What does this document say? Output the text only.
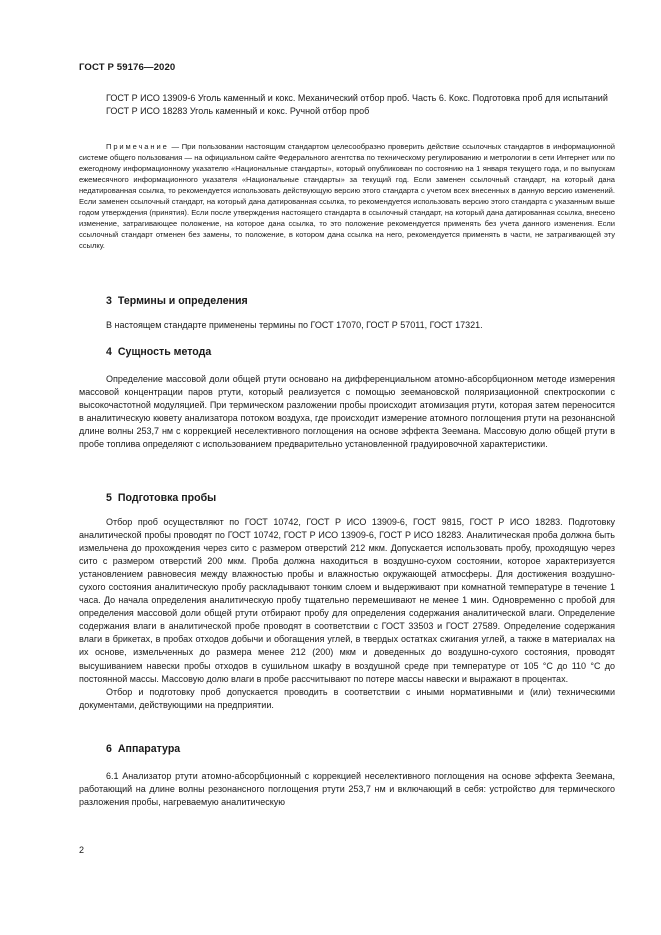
ГОСТ Р 59176—2020

ГОСТ Р ИСО 13909-6 Уголь каменный и кокс. Механический отбор проб. Часть 6. Кокс. Подготовка проб для испытаний

ГОСТ Р ИСО 18283 Уголь каменный и кокс. Ручной отбор проб

Примечание — При пользовании настоящим стандартом целесообразно проверить действие ссылочных стандартов в информационной системе общего пользования — на официальном сайте Федерального агентства по техническому регулированию и метрологии в сети Интернет или по ежегодному информационному указателю «Национальные стандарты», который опубликован по состоянию на 1 января текущего года, и по выпускам ежемесячного информационного указателя «Национальные стандарты» за текущий год. Если заменен ссылочный стандарт, на который дана недатированная ссылка, то рекомендуется использовать действующую версию этого стандарта с учетом всех внесенных в данную версию изменений. Если заменен ссылочный стандарт, на который дана датированная ссылка, то рекомендуется использовать версию этого стандарта с указанным выше годом утверждения (принятия). Если после утверждения настоящего стандарта в ссылочный стандарт, на который дана датированная ссылка, внесено изменение, затрагивающее положение, на которое дана ссылка, то это положение рекомендуется применять без учета данного изменения. Если ссылочный стандарт отменен без замены, то положение, в котором дана ссылка на него, рекомендуется применять в части, не затрагивающей эту ссылку.

3 Термины и определения

В настоящем стандарте применены термины по ГОСТ 17070, ГОСТ Р 57011, ГОСТ 17321.

4 Сущность метода

Определение массовой доли общей ртути основано на дифференциальном атомно-абсорбционном методе измерения массовой концентрации паров ртути, который реализуется с помощью зеемановской поляризационной спектроскопии с высокочастотной модуляцией. При термическом разложении пробы происходит атомизация ртути, которая затем переносится в аналитическую кювету анализатора потоком воздуха, где происходит измерение атомного поглощения ртути на резонансной длине волны 253,7 нм с коррекцией неселективного поглощения на основе эффекта Зеемана. Массовую долю общей ртути в пробе топлива определяют с использованием предварительно установленной градуировочной характеристики.

5 Подготовка пробы

Отбор проб осуществляют по ГОСТ 10742, ГОСТ Р ИСО 13909-6, ГОСТ 9815, ГОСТ Р ИСО 18283. Подготовку аналитической пробы проводят по ГОСТ 10742, ГОСТ Р ИСО 13909-6, ГОСТ Р ИСО 18283. Аналитическая проба должна быть измельчена до прохождения через сито с размером отверстий 212 мкм. Допускается использовать пробу, проходящую через сито с размером отверстий 200 мкм. Проба должна находиться в воздушно-сухом состоянии, которое характеризуется установлением равновесия между влажностью пробы и влажностью окружающей атмосферы. Для достижения воздушно-сухого состояния аналитическую пробу раскладывают тонким слоем и выдерживают при комнатной температуре в течение 1 часа. До начала определения аналитическую пробу тщательно перемешивают не менее 1 мин. Одновременно с пробой для определения массовой доли общей ртути отбирают пробу для определения содержания аналитической влаги. Определение содержания влаги в аналитической пробе проводят в соответствии с ГОСТ 33503 и ГОСТ 27589. Определение содержания влаги в брикетах, в пробах отходов добычи и обогащения углей, в твердых остатках сжигания углей, а также в материалах на их основе, измельченных до размера менее 212 (200) мкм и доведенных до воздушно-сухого состояния, проводят высушиванием навески пробы отходов в сушильном шкафу в воздушной среде при температуре от 105 °С до 110 °С до постоянной массы. Массовую долю влаги в пробе рассчитывают по потере массы навески и выражают в процентах.

Отбор и подготовку проб допускается проводить в соответствии с иными нормативными и (или) техническими документами, действующими на предприятии.

6 Аппаратура

6.1 Анализатор ртути атомно-абсорбционный с коррекцией неселективного поглощения на основе эффекта Зеемана, работающий на длине волны резонансного поглощения ртути 253,7 нм и включающий в себя: устройство для термического разложения пробы, нагреваемую аналитическую

2
